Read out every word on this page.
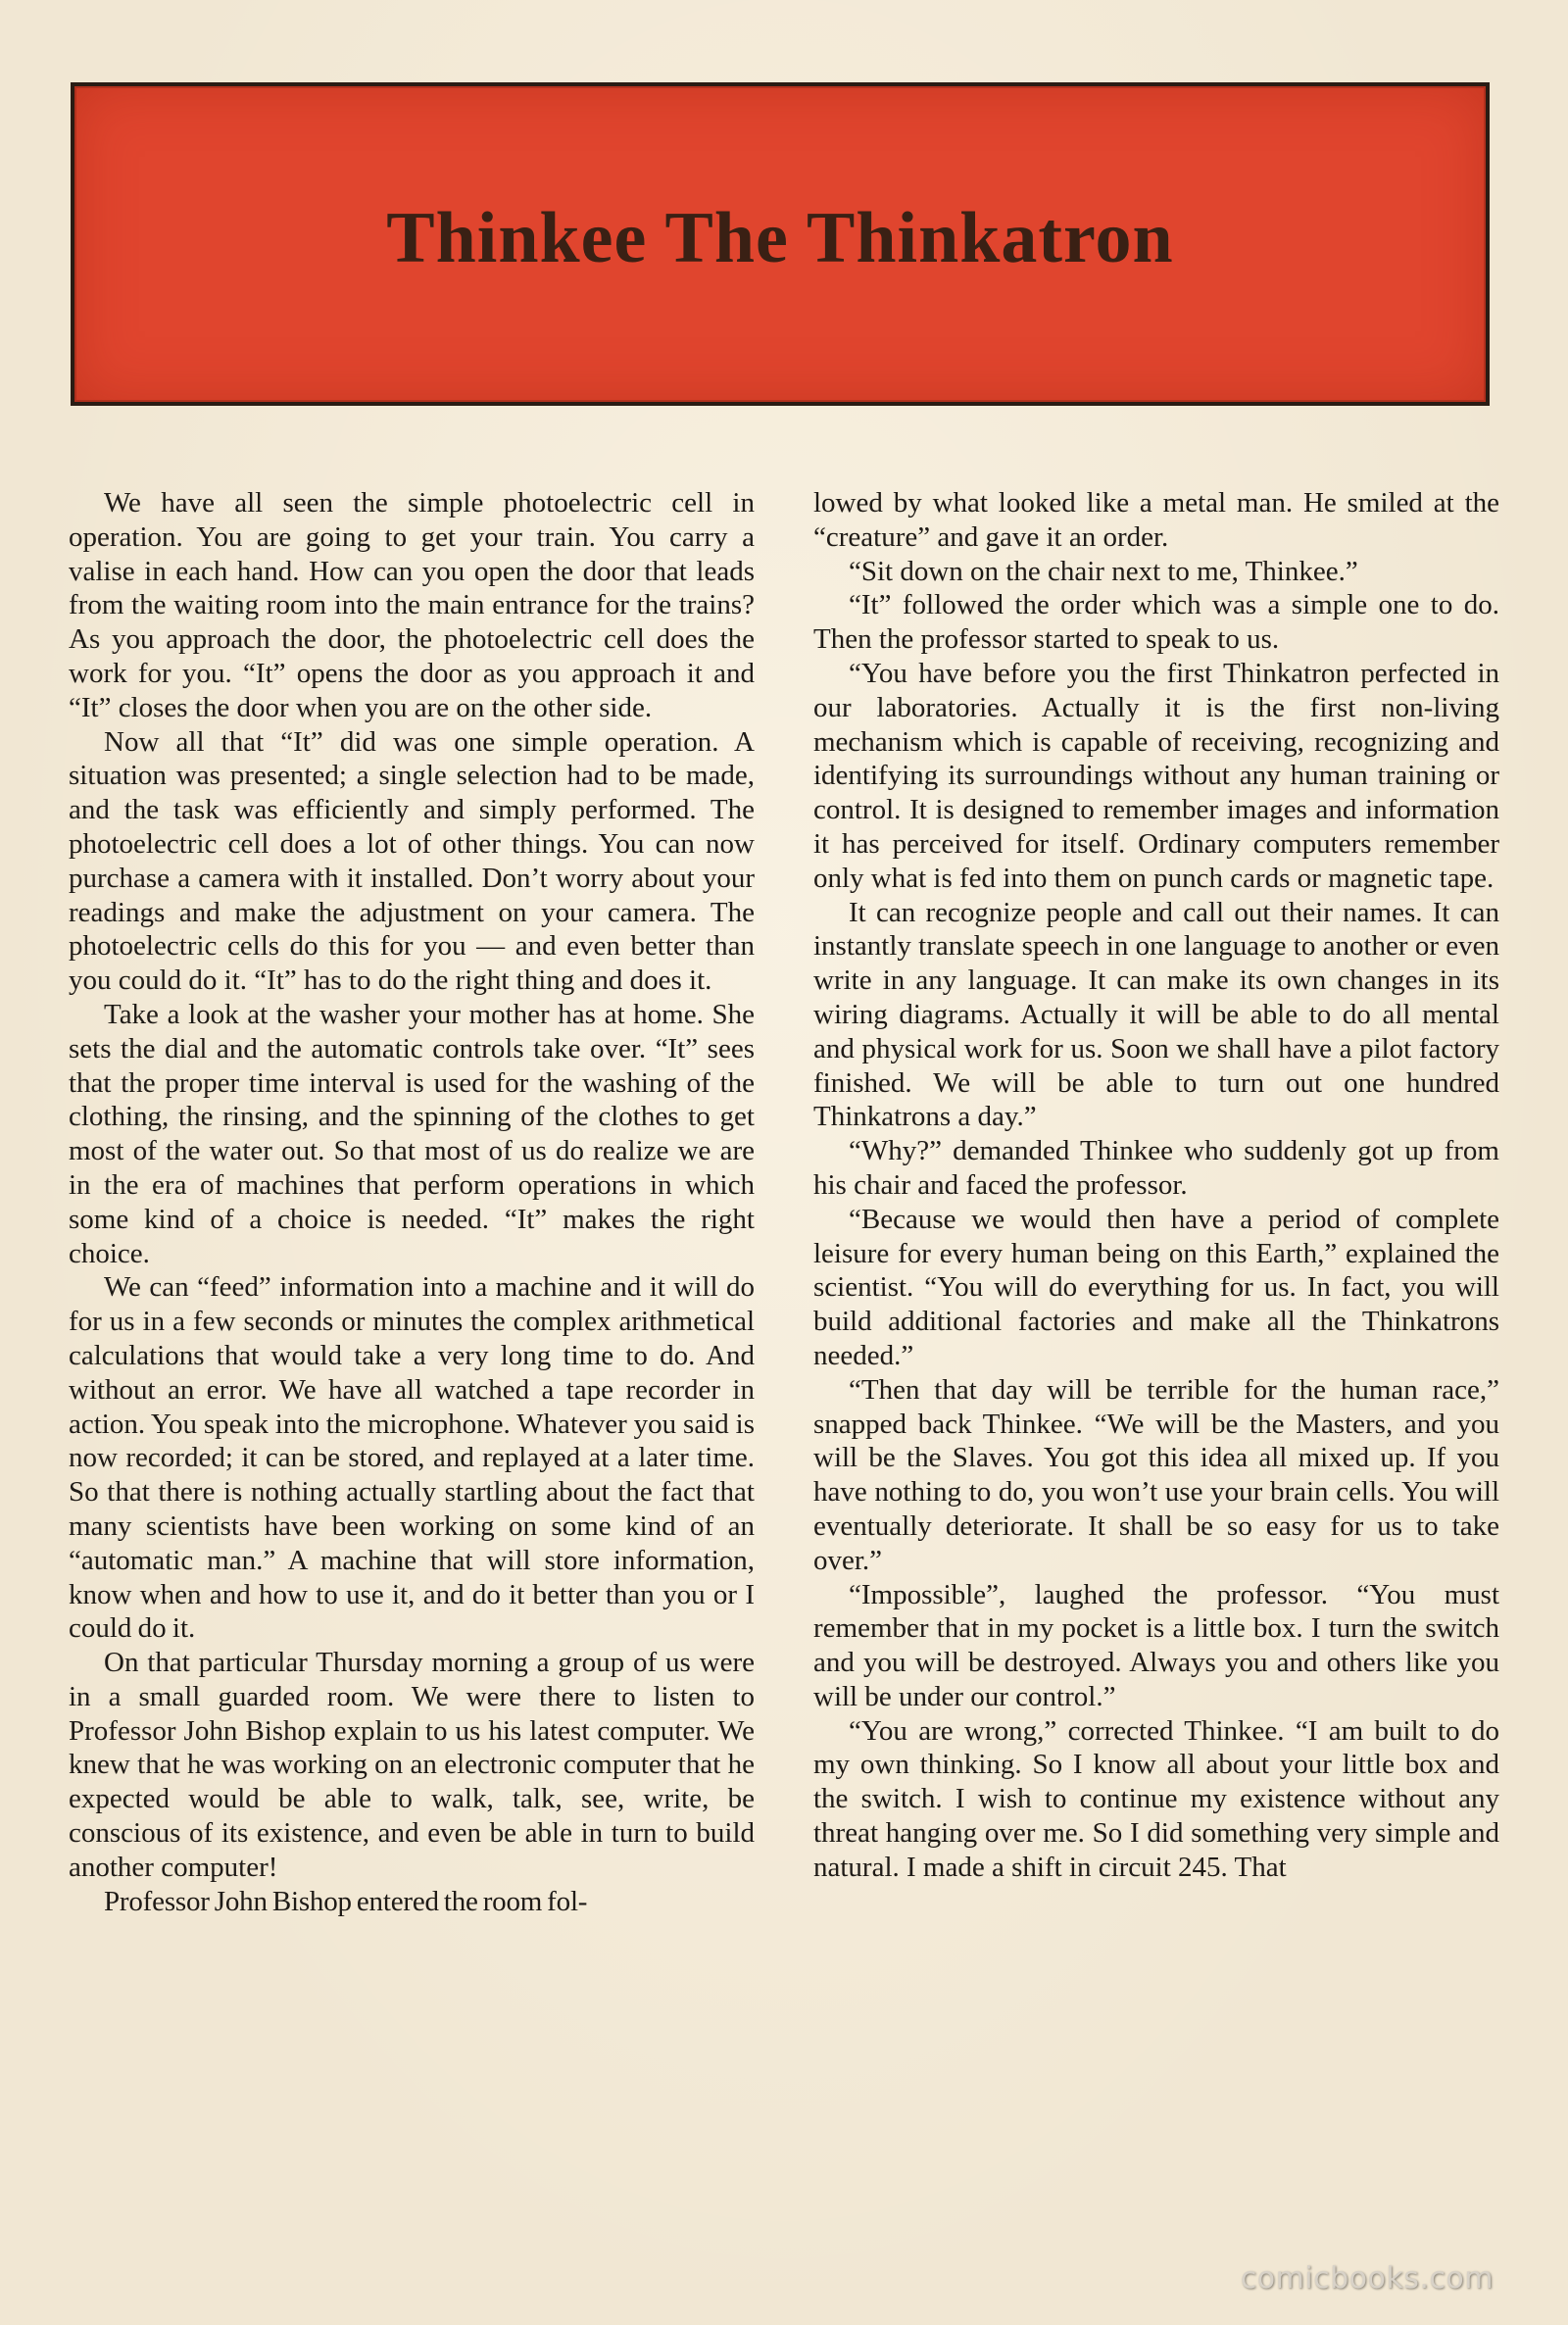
Thinkee The Thinkatron

We have all seen the simple photoelectric cell in operation. You are going to get your train. You carry a valise in each hand. How can you open the door that leads from the waiting room into the main entrance for the trains? As you approach the door, the photoelectric cell does the work for you. “It” opens the door as you approach it and “It” closes the door when you are on the other side.

Now all that “It” did was one simple operation. A situation was presented; a single selection had to be made, and the task was efficiently and simply performed. The photoelectric cell does a lot of other things. You can now purchase a camera with it installed. Don’t worry about your readings and make the adjustment on your camera. The photoelectric cells do this for you — and even better than you could do it. “It” has to do the right thing and does it.

Take a look at the washer your mother has at home. She sets the dial and the automatic controls take over. “It” sees that the proper time interval is used for the washing of the clothing, the rinsing, and the spinning of the clothes to get most of the water out. So that most of us do realize we are in the era of machines that perform operations in which some kind of a choice is needed. “It” makes the right choice.

We can “feed” information into a machine and it will do for us in a few seconds or minutes the complex arithmetical calculations that would take a very long time to do. And without an error. We have all watched a tape recorder in action. You speak into the microphone. Whatever you said is now recorded; it can be stored, and replayed at a later time. So that there is nothing actually startling about the fact that many scientists have been working on some kind of an “automatic man.” A machine that will store information, know when and how to use it, and do it better than you or I could do it.

On that particular Thursday morning a group of us were in a small guarded room. We were there to listen to Professor John Bishop explain to us his latest computer. We knew that he was working on an electronic computer that he expected would be able to walk, talk, see, write, be conscious of its existence, and even be able in turn to build another computer!

Professor John Bishop entered the room fol-

lowed by what looked like a metal man. He smiled at the “creature” and gave it an order.

“Sit down on the chair next to me, Thinkee.”

“It” followed the order which was a simple one to do. Then the professor started to speak to us.

“You have before you the first Thinkatron perfected in our laboratories. Actually it is the first non-living mechanism which is capable of receiving, recognizing and identifying its surroundings without any human training or control. It is designed to remember images and information it has perceived for itself. Ordinary computers remember only what is fed into them on punch cards or magnetic tape.

It can recognize people and call out their names. It can instantly translate speech in one language to another or even write in any language. It can make its own changes in its wiring diagrams. Actually it will be able to do all mental and physical work for us. Soon we shall have a pilot factory finished. We will be able to turn out one hundred Thinkatrons a day.”

“Why?” demanded Thinkee who suddenly got up from his chair and faced the professor.

“Because we would then have a period of complete leisure for every human being on this Earth,” explained the scientist. “You will do everything for us. In fact, you will build additional factories and make all the Thinkatrons needed.”

“Then that day will be terrible for the human race,” snapped back Thinkee. “We will be the Masters, and you will be the Slaves. You got this idea all mixed up. If you have nothing to do, you won’t use your brain cells. You will eventually deteriorate. It shall be so easy for us to take over.”

“Impossible”, laughed the professor. “You must remember that in my pocket is a little box. I turn the switch and you will be destroyed. Always you and others like you will be under our control.”

“You are wrong,” corrected Thinkee. “I am built to do my own thinking. So I know all about your little box and the switch. I wish to continue my existence without any threat hanging over me. So I did something very simple and natural. I made a shift in circuit 245. That

comicbooks.com
